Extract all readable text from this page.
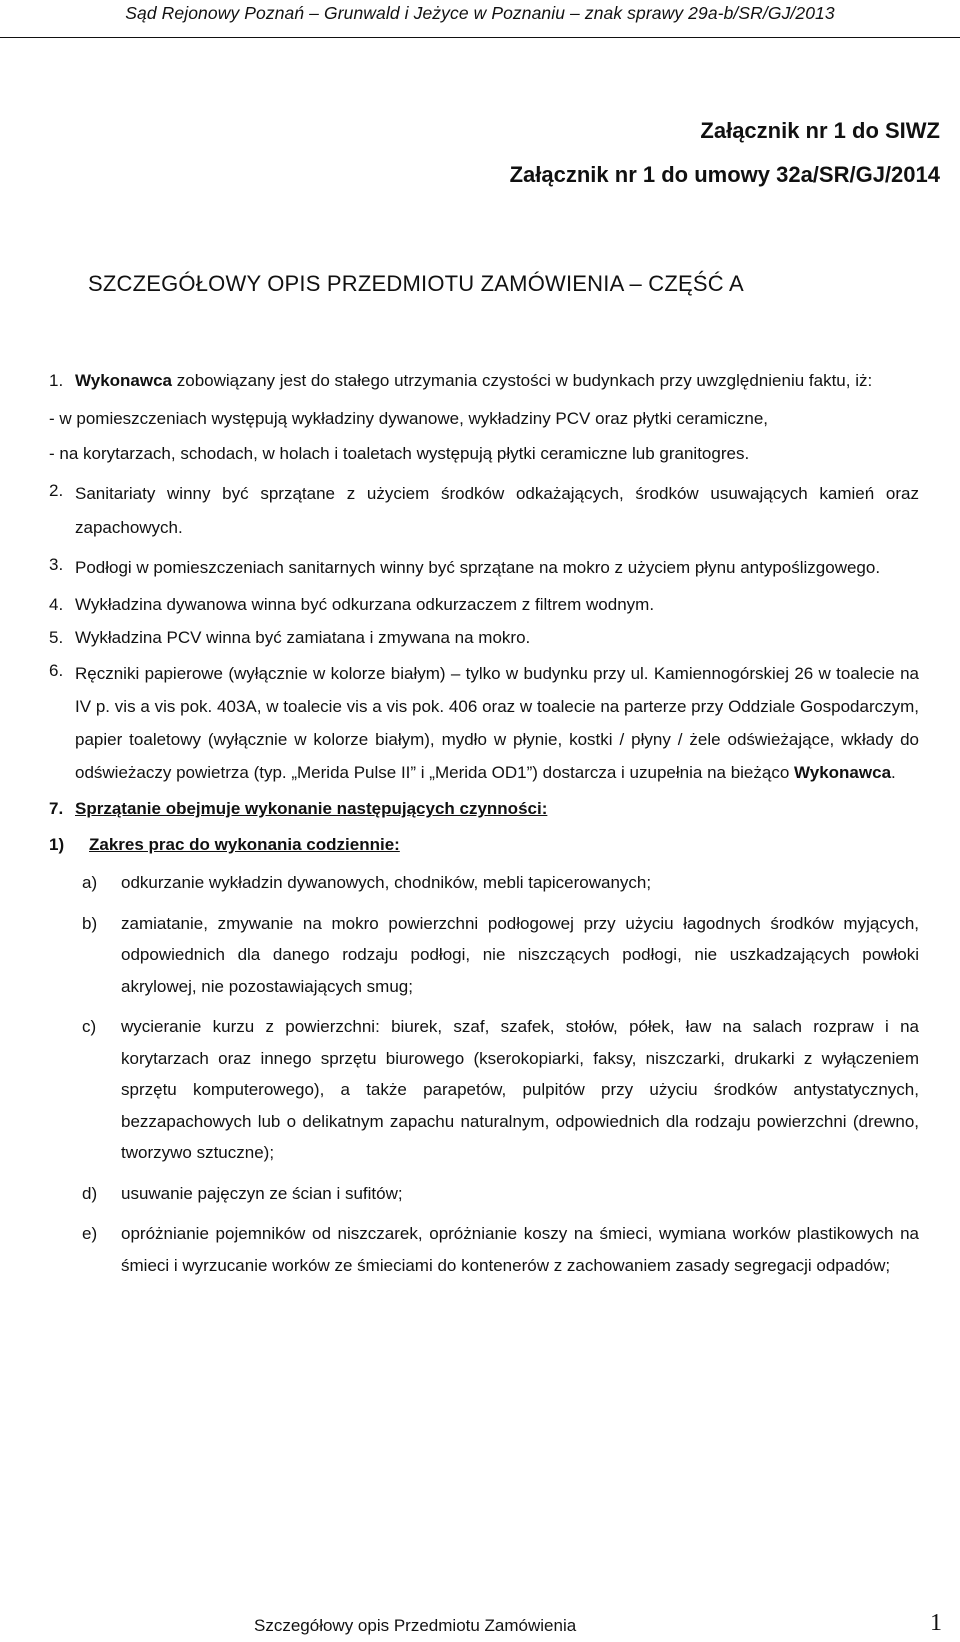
Sąd Rejonowy Poznań – Grunwald i Jeżyce w Poznaniu – znak sprawy 29a-b/SR/GJ/2013
Załącznik nr 1 do SIWZ
Załącznik nr 1 do umowy 32a/SR/GJ/2014
SZCZEGÓŁOWY OPIS PRZEDMIOTU ZAMÓWIENIA – CZĘŚĆ A

1. Wykonawca zobowiązany jest do stałego utrzymania czystości w budynkach przy uwzględnieniu faktu, iż:

- w pomieszczeniach występują wykładziny dywanowe, wykładziny PCV oraz płytki ceramiczne,

- na korytarzach, schodach, w holach i toaletach występują płytki ceramiczne lub granitogres.

2. Sanitariaty winny być sprzątane z użyciem środków odkażających, środków usuwających kamień oraz zapachowych.
3. Podłogi w pomieszczeniach sanitarnych winny być sprzątane na mokro z użyciem płynu antypoślizgowego.
4. Wykładzina dywanowa winna być odkurzana odkurzaczem z filtrem wodnym.
5. Wykładzina PCV winna być zamiatana i zmywana na mokro.
6. Ręczniki papierowe (wyłącznie w kolorze białym) – tylko w budynku przy ul. Kamiennogórskiej 26 w toalecie na IV p. vis a vis pok. 403A, w toalecie vis a vis pok. 406 oraz w toalecie na parterze przy Oddziale Gospodarczym, papier toaletowy (wyłącznie w kolorze białym), mydło w płynie, kostki / płyny / żele odświeżające, wkłady do odświeżaczy powietrza (typ. „Merida Pulse II” i „Merida OD1”) dostarcza i uzupełnia na bieżąco Wykonawca.
7. Sprzątanie obejmuje wykonanie następujących czynności:
1)	Zakres prac do wykonania codziennie:
a)	odkurzanie wykładzin dywanowych, chodników, mebli tapicerowanych;
b)	zamiatanie, zmywanie na mokro powierzchni podłogowej przy użyciu łagodnych środków myjących, odpowiednich dla danego rodzaju podłogi, nie niszczących podłogi, nie uszkadzających powłoki akrylowej, nie pozostawiających smug;
c)	wycieranie kurzu z powierzchni: biurek, szaf, szafek, stołów, półek, ław na salach rozpraw i na korytarzach oraz innego sprzętu biurowego (kserokopiarki, faksy, niszczarki, drukarki z wyłączeniem sprzętu komputerowego), a także parapetów, pulpitów przy użyciu środków antystatycznych, bezzapachowych lub o delikatnym zapachu naturalnym, odpowiednich dla rodzaju powierzchni (drewno, tworzywo sztuczne);
d)	usuwanie pajęczyn ze ścian i sufitów;
e)	opróżnianie pojemników od niszczarek, opróżnianie koszy na śmieci, wymiana worków plastikowych na śmieci i wyrzucanie worków ze śmieciami do kontenerów z zachowaniem zasady segregacji odpadów;
Szczegółowy opis Przedmiotu Zamówienia	1
